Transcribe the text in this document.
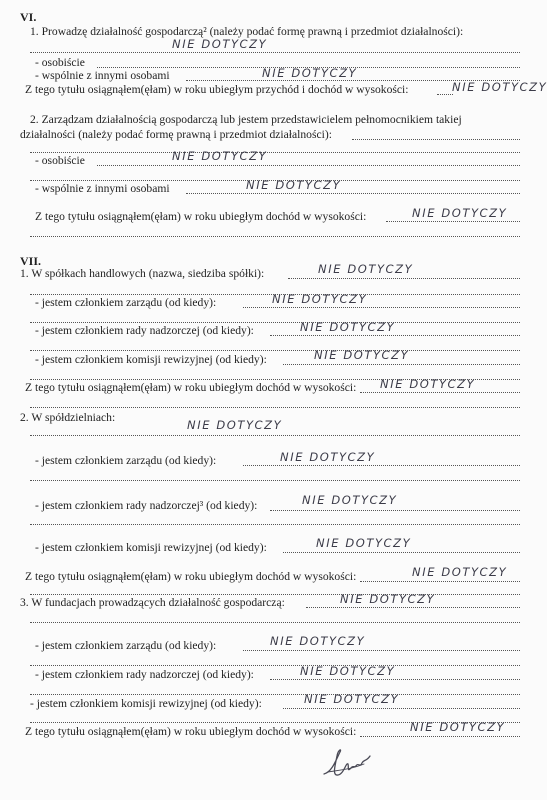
VI.
1. Prowadzę działalność gospodarczą² (należy podać formę prawną i przedmiot działalności):
NIE DOTYCZY
- osobiście
- wspólnie z innymi osobami	NIE DOTYCZY
Z tego tytułu osiągnąłem(ęłam) w roku ubiegłym przychód i dochód w wysokości:	NIE DOTYCZY
2. Zarządzam działalnością gospodarczą lub jestem przedstawicielem pełnomocnikiem takiej
działalności (należy podać formę prawną i przedmiot działalności):
- osobiście	NIE DOTYCZY
- wspólnie z innymi osobami	NIE DOTYCZY
Z tego tytułu osiągnąłem(ęłam) w roku ubiegłym dochód w wysokości:	NIE DOTYCZY
VII.
1. W spółkach handlowych (nazwa, siedziba spółki):	NIE DOTYCZY
- jestem członkiem zarządu (od kiedy):	NIE DOTYCZY
- jestem członkiem rady nadzorczej (od kiedy):	NIE DOTYCZY
- jestem członkiem komisji rewizyjnej (od kiedy):	NIE DOTYCZY
Z tego tytułu osiągnąłem(ęłam) w roku ubiegłym dochód w wysokości: NIE DOTYCZY
2. W spółdzielniach:
NIE DOTYCZY
- jestem członkiem zarządu (od kiedy):	NIE DOTYCZY
- jestem członkiem rady nadzorczej³ (od kiedy):	NIE DOTYCZY
- jestem członkiem komisji rewizyjnej (od kiedy):	NIE DOTYCZY
Z tego tytułu osiągnąłem(ęłam) w roku ubiegłym dochód w wysokości:	NIE DOTYCZY
3. W fundacjach prowadzących działalność gospodarczą:	NIE DOTYCZY
- jestem członkiem zarządu (od kiedy):	NIE DOTYCZY
- jestem członkiem rady nadzorczej (od kiedy):	NIE DOTYCZY
- jestem członkiem komisji rewizyjnej (od kiedy):	NIE DOTYCZY
Z tego tytułu osiągnąłem(ęłam) w roku ubiegłym dochód w wysokości:	NIE DOTYCZY
